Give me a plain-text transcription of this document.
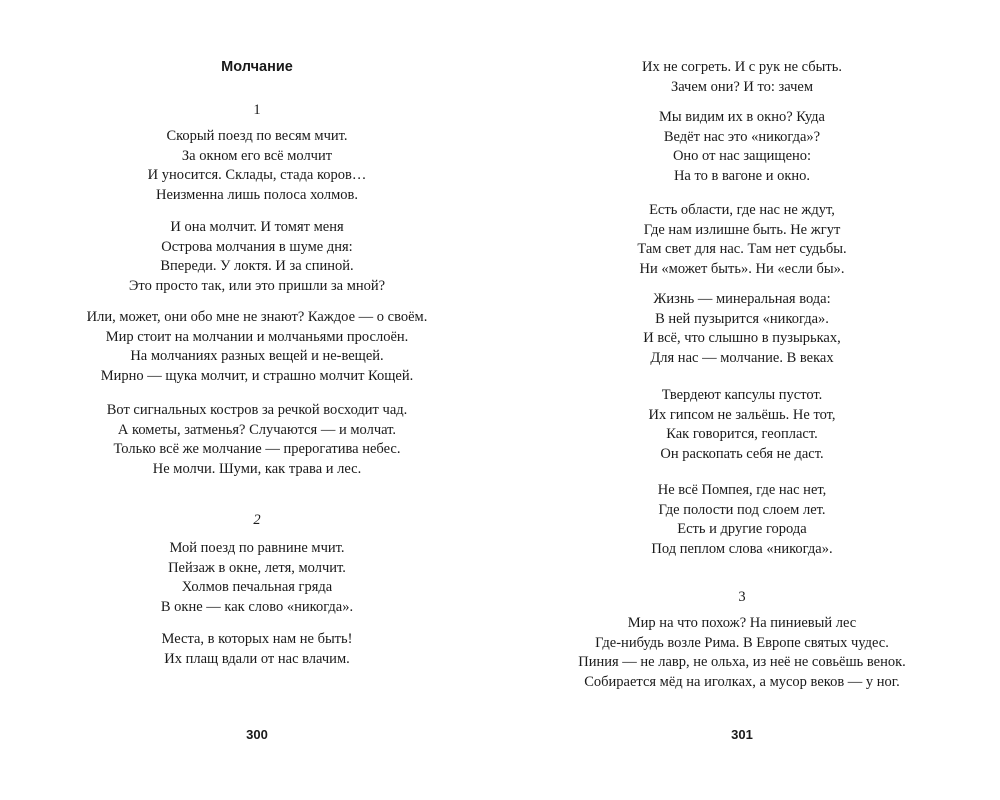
Молчание
1
Скорый поезд по весям мчит.
За окном его всё молчит
И уносится. Склады, стада коров…
Неизменна лишь полоса холмов.
И она молчит. И томят меня
Острова молчания в шуме дня:
Впереди. У локтя. И за спиной.
Это просто так, или это пришли за мной?
Или, может, они обо мне не знают? Каждое — о своём.
Мир стоит на молчании и молчаньями прослоён.
На молчаниях разных вещей и не-вещей.
Мирно — щука молчит, и страшно молчит Кощей.
Вот сигнальных костров за речкой восходит чад.
А кометы, затменья? Случаются — и молчат.
Только всё же молчание — прерогатива небес.
Не молчи. Шуми, как трава и лес.
2
Мой поезд по равнине мчит.
Пейзаж в окне, летя, молчит.
Холмов печальная гряда
В окне — как слово «никогда».
Места, в которых нам не быть!
Их плащ вдали от нас влачим.
300
Их не согреть. И с рук не сбыть.
Зачем они? И то: зачем
Мы видим их в окно? Куда
Ведёт нас это «никогда»?
Оно от нас защищено:
На то в вагоне и окно.
Есть области, где нас не ждут,
Где нам излишне быть. Не жгут
Там свет для нас. Там нет судьбы.
Ни «может быть». Ни «если бы».
Жизнь — минеральная вода:
В ней пузырится «никогда».
И всё, что слышно в пузырьках,
Для нас — молчание. В веках
Твердеют капсулы пустот.
Их гипсом не зальёшь. Не тот,
Как говорится, геопласт.
Он раскопать себя не даст.
Не всё Помпея, где нас нет,
Где полости под слоем лет.
Есть и другие города
Под пеплом слова «никогда».
3
Мир на что похож? На пиниевый лес
Где-нибудь возле Рима. В Европе святых чудес.
Пиния — не лавр, не ольха, из неё не совьёшь венок.
Собирается мёд на иголках, а мусор веков — у ног.
301
